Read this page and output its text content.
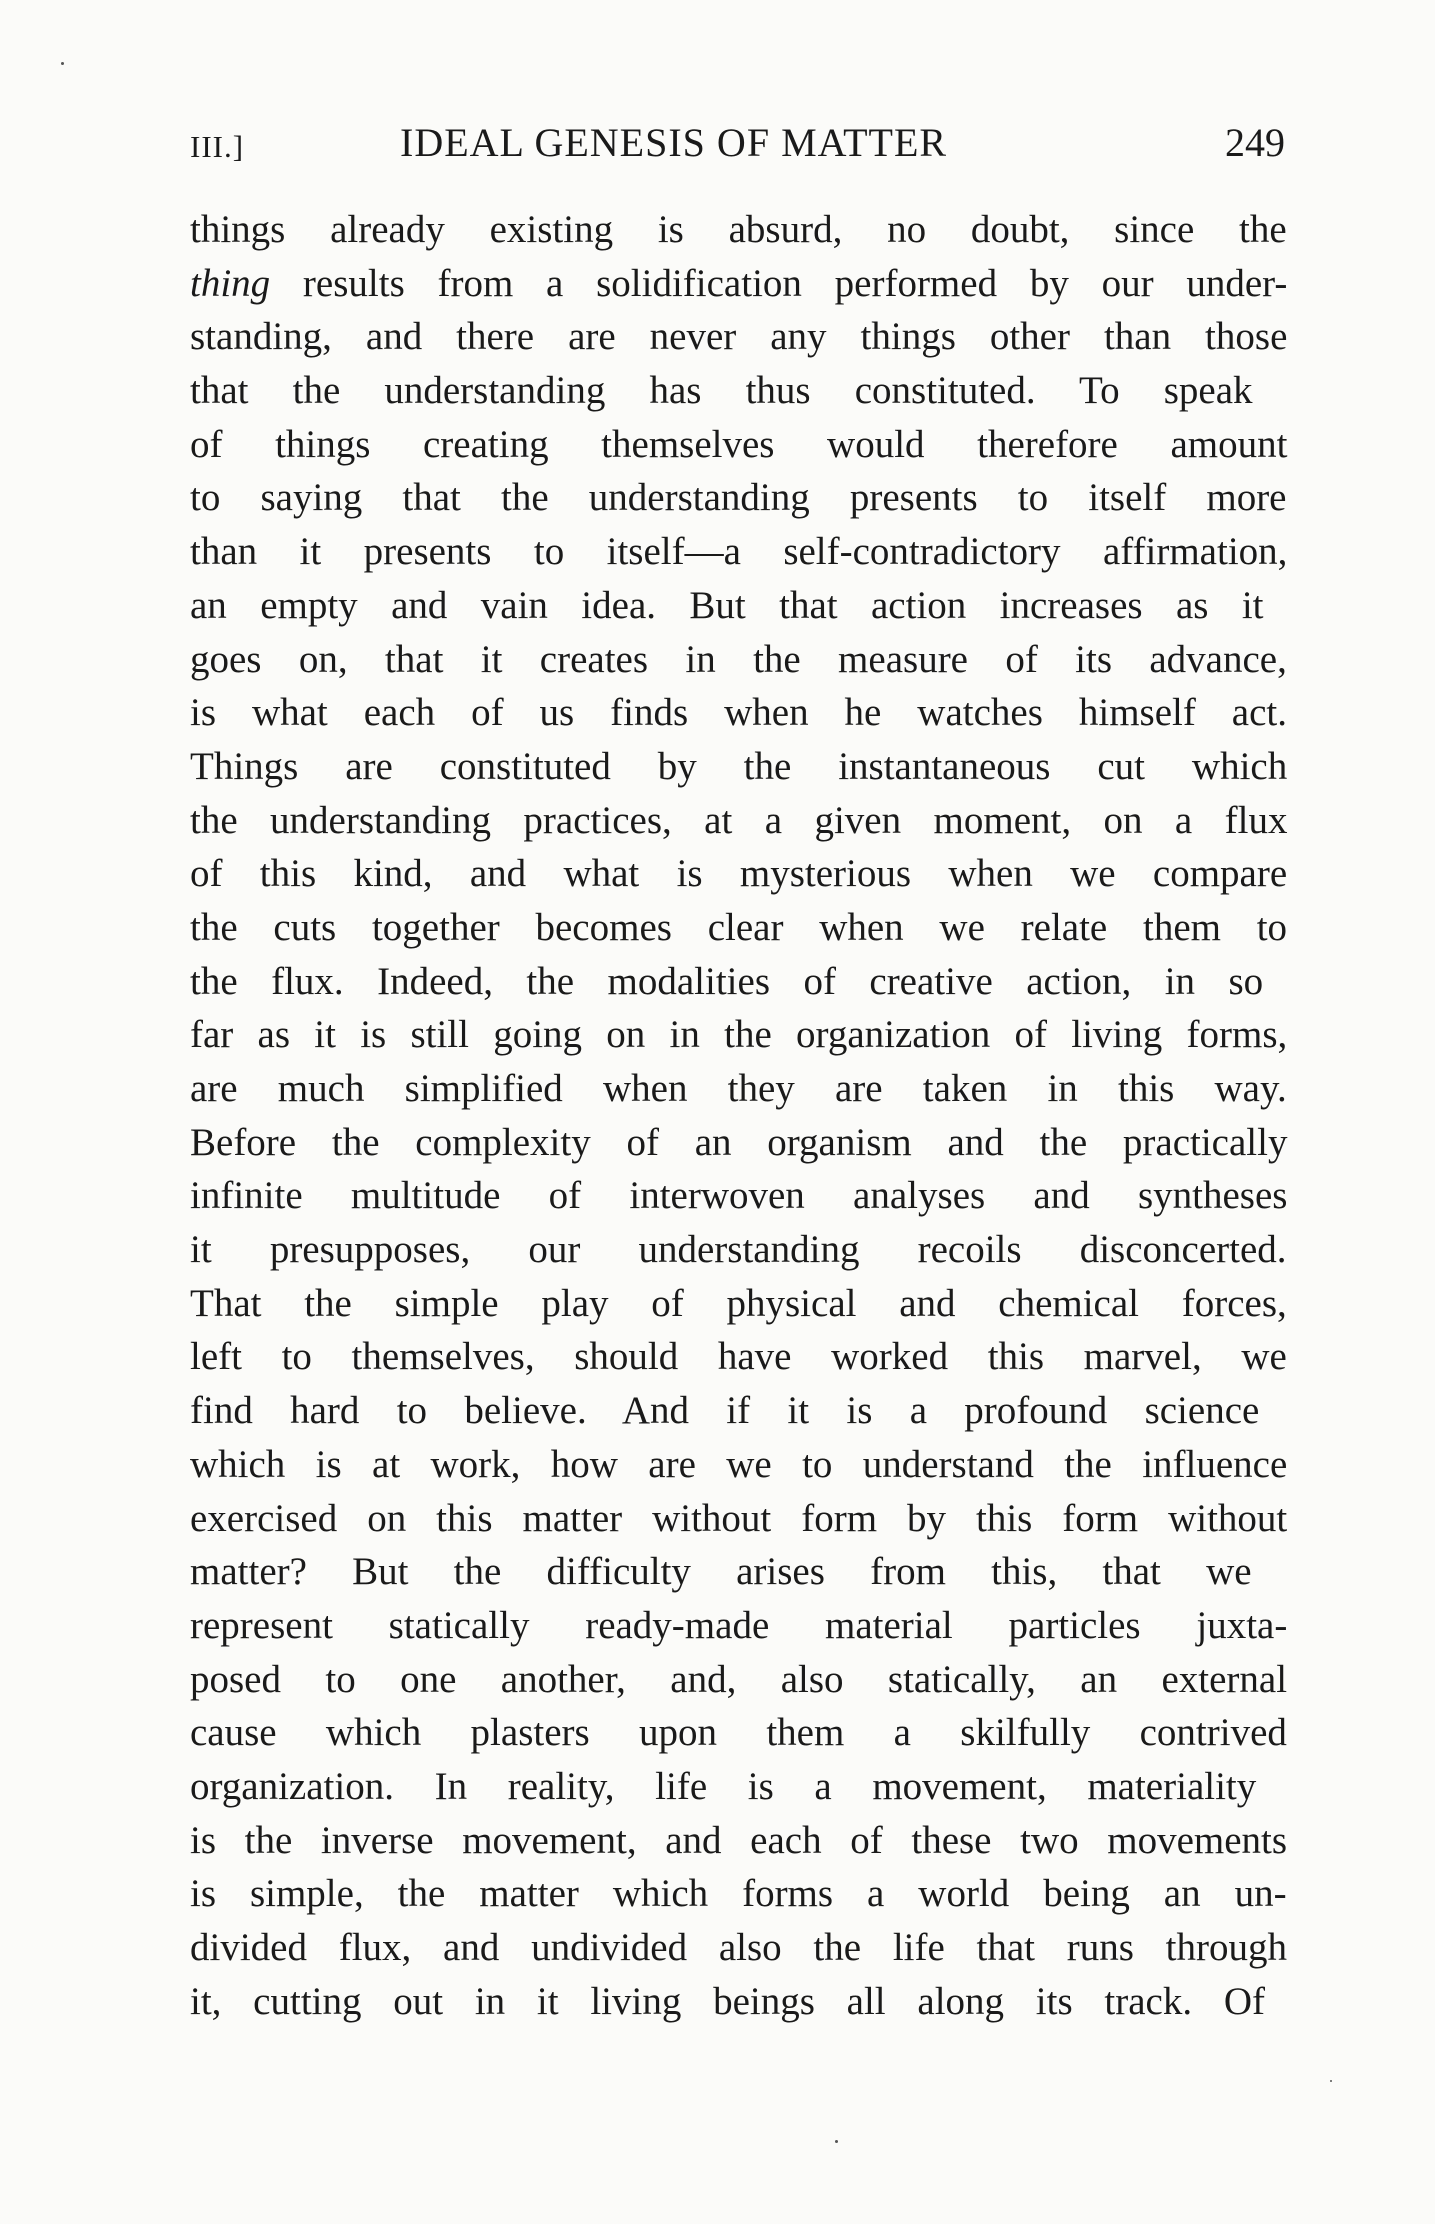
III.]	IDEAL GENESIS OF MATTER	249
things already existing is absurd, no doubt, since the
thing results from a solidification performed by our under-
standing, and there are never any things other than those
that the understanding has thus constituted. To speak
of things creating themselves would therefore amount
to saying that the understanding presents to itself more
than it presents to itself—a self-contradictory affirmation,
an empty and vain idea. But that action increases as it
goes on, that it creates in the measure of its advance,
is what each of us finds when he watches himself act.
Things are constituted by the instantaneous cut which
the understanding practices, at a given moment, on a flux
of this kind, and what is mysterious when we compare
the cuts together becomes clear when we relate them to
the flux. Indeed, the modalities of creative action, in so
far as it is still going on in the organization of living forms,
are much simplified when they are taken in this way.
Before the complexity of an organism and the practically
infinite multitude of interwoven analyses and syntheses
it presupposes, our understanding recoils disconcerted.
That the simple play of physical and chemical forces,
left to themselves, should have worked this marvel, we
find hard to believe. And if it is a profound science
which is at work, how are we to understand the influence
exercised on this matter without form by this form without
matter? But the difficulty arises from this, that we
represent statically ready-made material particles juxta-
posed to one another, and, also statically, an external
cause which plasters upon them a skilfully contrived
organization. In reality, life is a movement, materiality
is the inverse movement, and each of these two movements
is simple, the matter which forms a world being an un-
divided flux, and undivided also the life that runs through
it, cutting out in it living beings all along its track. Of
